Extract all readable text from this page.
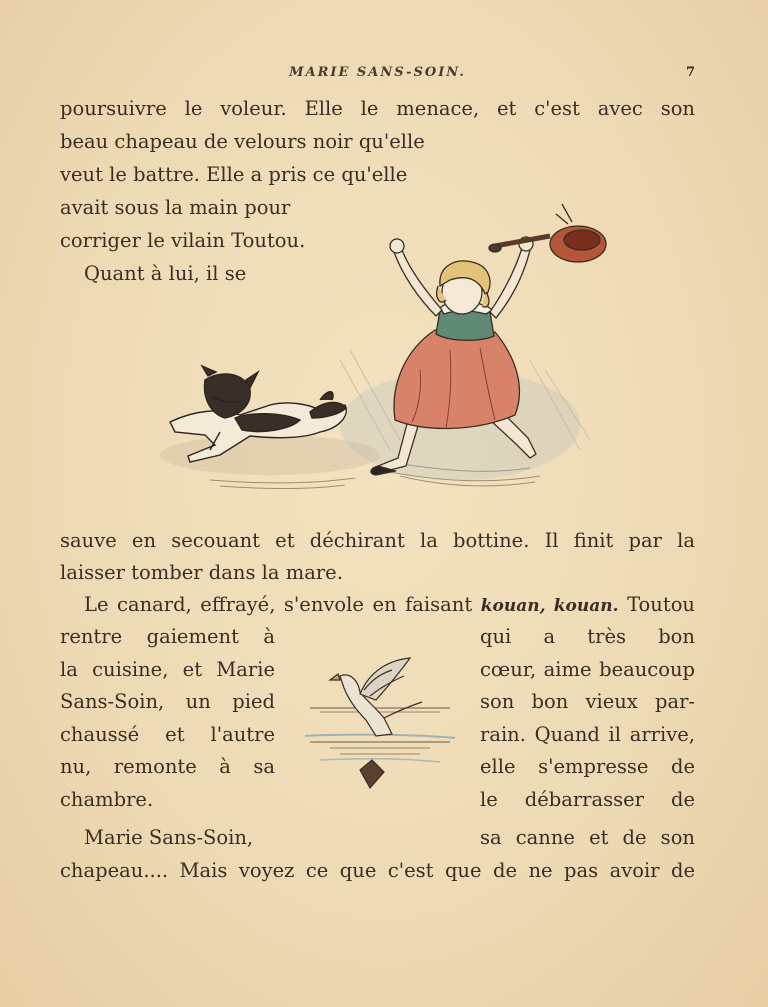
MARIE SANS-SOIN.	7
poursuivre le voleur. Elle le menace, et c'est avec son
beau chapeau de velours noir qu'elle
veut le battre. Elle a pris ce qu'elle
avait sous la main pour
corriger le vilain Toutou.
Quant à lui, il se
sauve en secouant et déchirant la bottine. Il finit par la
laisser tomber dans la mare.
Le canard, effrayé, s'envole en faisant kouan, kouan. Toutou
rentre gaiement à
la cuisine, et Marie
Sans-Soin, un pied
chaussé et l'autre
nu, remonte à sa
chambre.
qui a très bon
cœur, aime beaucoup
son bon vieux par-
rain. Quand il arrive,
elle s'empresse de
le débarrasser de
Marie Sans-Soin,	sa canne et de son
chapeau.... Mais voyez ce que c'est que de ne pas avoir de
